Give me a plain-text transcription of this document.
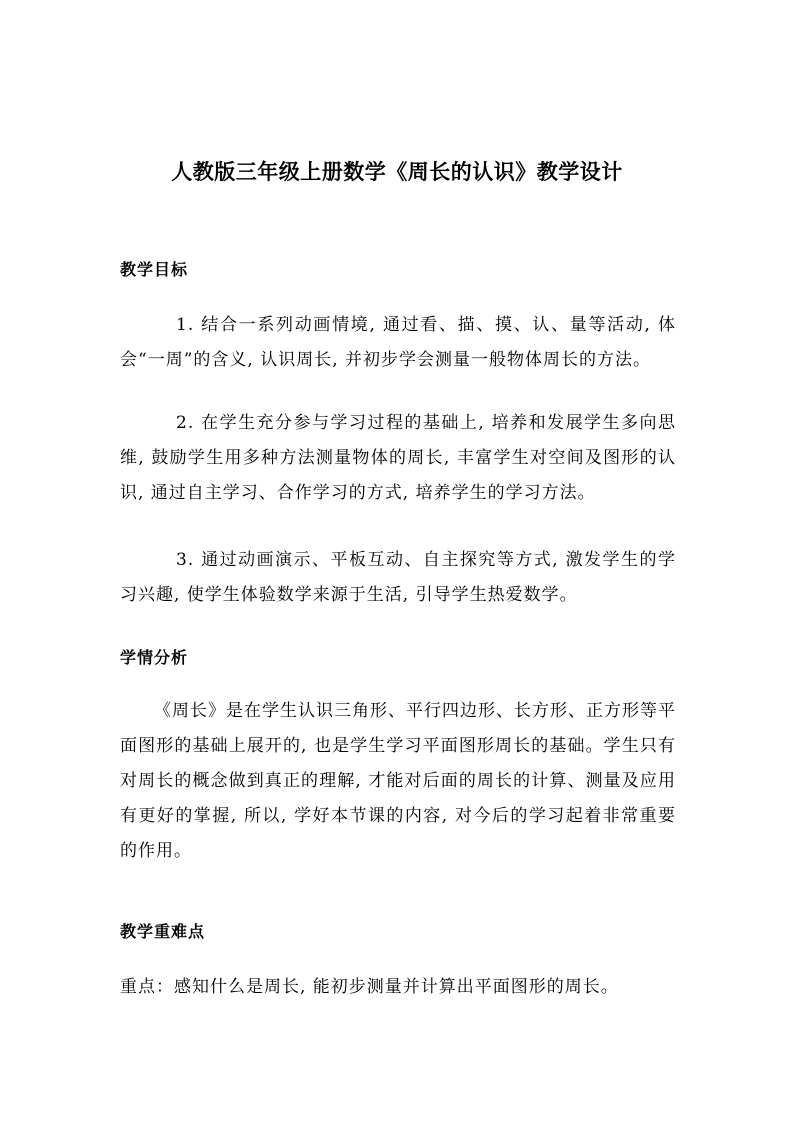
人教版三年级上册数学《周长的认识》教学设计
教学目标

1. 结合一系列动画情境, 通过看、描、摸、认、量等活动, 体会“一周”的含义, 认识周长, 并初步学会测量一般物体周长的方法。

2. 在学生充分参与学习过程的基础上, 培养和发展学生多向思维, 鼓励学生用多种方法测量物体的周长, 丰富学生对空间及图形的认识, 通过自主学习、合作学习的方式, 培养学生的学习方法。

3. 通过动画演示、平板互动、自主探究等方式, 激发学生的学习兴趣, 使学生体验数学来源于生活, 引导学生热爱数学。

学情分析

《周长》是在学生认识三角形、平行四边形、长方形、正方形等平面图形的基础上展开的, 也是学生学习平面图形周长的基础。学生只有对周长的概念做到真正的理解, 才能对后面的周长的计算、测量及应用有更好的掌握, 所以, 学好本节课的内容, 对今后的学习起着非常重要的作用。

教学重难点
重点：感知什么是周长, 能初步测量并计算出平面图形的周长。
